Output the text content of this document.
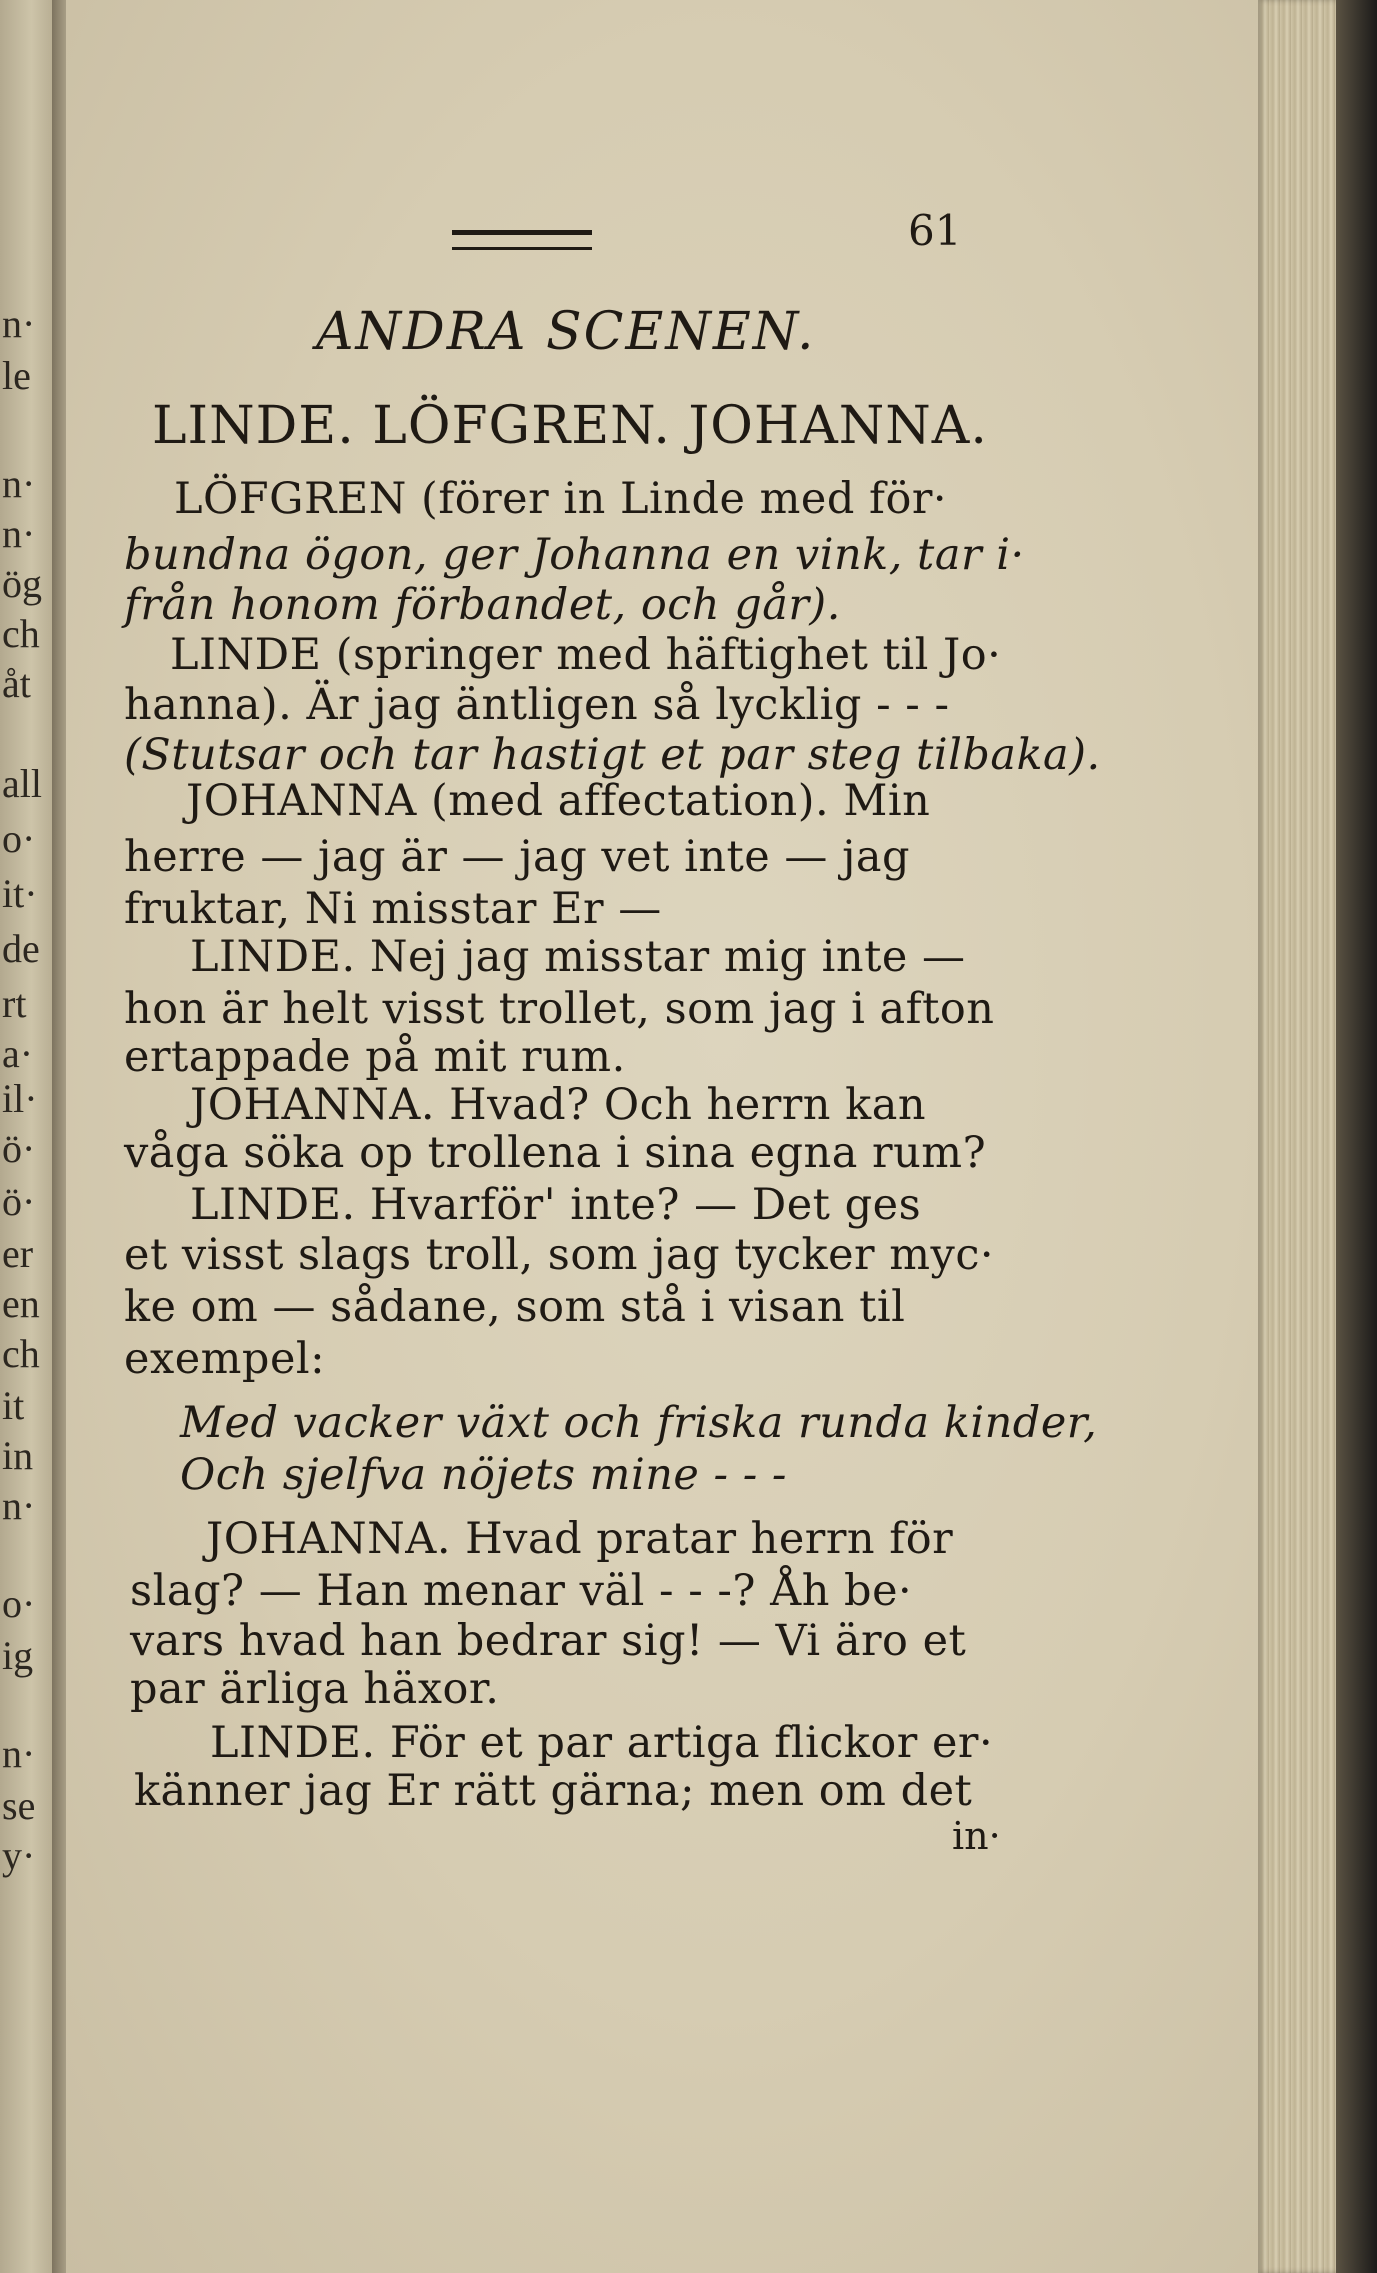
n·
le
n·
n·
ög
ch
åt
all
o·
it·
de
rt
a·
il·
ö·
ö·
er
en
ch
it
in
n·
o·
ig
n·
se
y·
61
ANDRA SCENEN.
LINDE. LÖFGREN. JOHANNA.
LÖFGREN (förer in Linde med för·
bundna ögon, ger Johanna en vink, tar i·
från honom förbandet, och går).
LINDE (springer med häftighet til Jo·
hanna). Är jag äntligen så lycklig - - -
(Stutsar och tar hastigt et par steg tilbaka).
JOHANNA (med affectation). Min
herre — jag är — jag vet inte — jag
fruktar, Ni misstar Er —
LINDE. Nej jag misstar mig inte —
hon är helt visst trollet, som jag i afton
ertappade på mit rum.
JOHANNA. Hvad? Och herrn kan
våga söka op trollena i sina egna rum?
LINDE. Hvarför' inte? — Det ges
et visst slags troll, som jag tycker myc·
ke om — sådane, som stå i visan til
exempel:
Med vacker växt och friska runda kinder,
Och sjelfva nöjets mine - - -
JOHANNA. Hvad pratar herrn för
slag? — Han menar väl - - -? Åh be·
vars hvad han bedrar sig! — Vi äro et
par ärliga häxor.
LINDE. För et par artiga flickor er·
känner jag Er rätt gärna; men om det
in·
